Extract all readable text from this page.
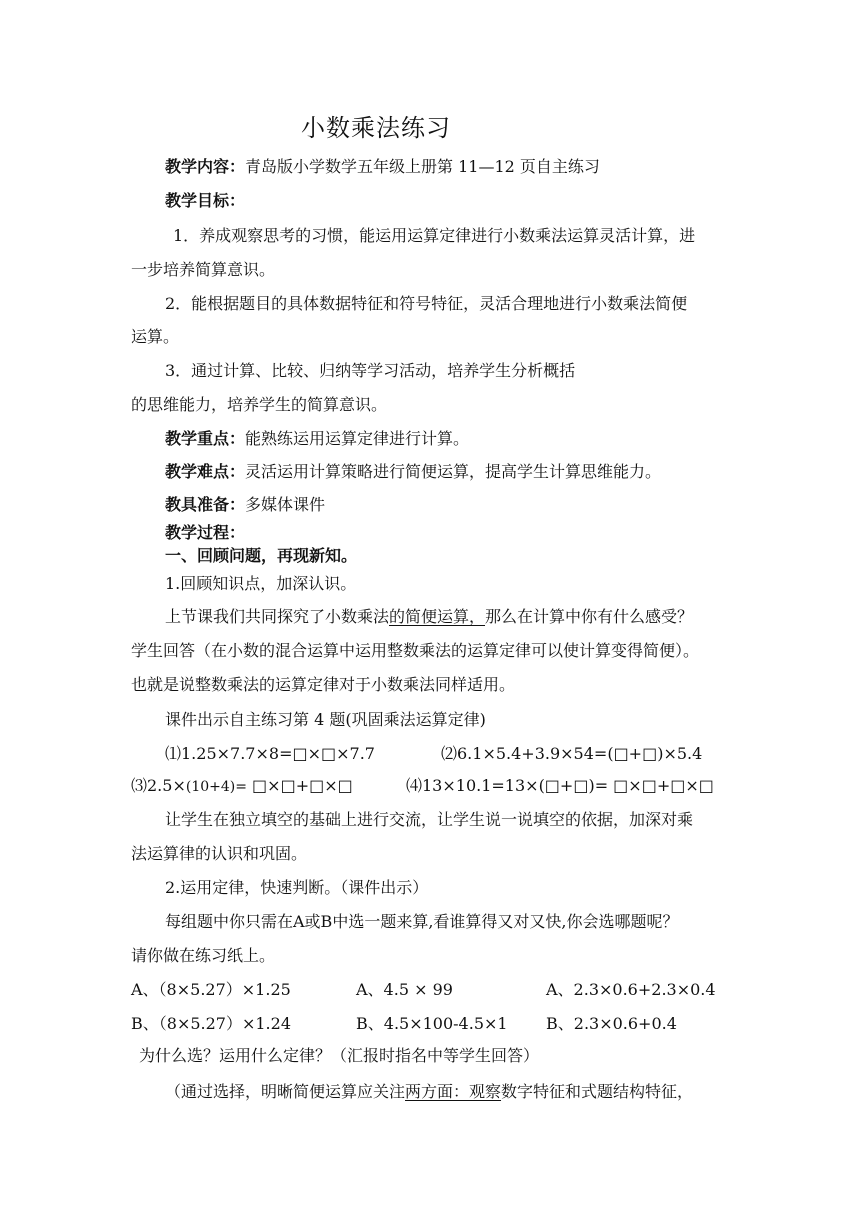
小数乘法练习
教学内容：青岛版小学数学五年级上册第 11—12 页自主练习
教学目标：
1．养成观察思考的习惯，能运用运算定律进行小数乘法运算灵活计算，进
一步培养简算意识。
2．能根据题目的具体数据特征和符号特征，灵活合理地进行小数乘法简便
运算。
3．通过计算、比较、归纳等学习活动，培养学生分析概括
的思维能力，培养学生的简算意识。
教学重点：能熟练运用运算定律进行计算。
教学难点：灵活运用计算策略进行简便运算，提高学生计算思维能力。
教具准备：多媒体课件
教学过程：
一、回顾问题，再现新知。
1.回顾知识点，加深认识。
上节课我们共同探究了小数乘法的简便运算，那么在计算中你有什么感受？
学生回答（在小数的混合运算中运用整数乘法的运算定律可以使计算变得简便）。
也就是说整数乘法的运算定律对于小数乘法同样适用。
课件出示自主练习第 4 题(巩固乘法运算定律)
⑴1.25×7.7×8=□×□×7.7	⑵6.1×5.4+3.9×54=(□+□)×5.4
⑶2.5×(10+4)= □×□+□×□	⑷13×10.1=13×(□+□)= □×□+□×□
让学生在独立填空的基础上进行交流，让学生说一说填空的依据，加深对乘
法运算律的认识和巩固。
2.运用定律，快速判断。（课件出示）
每组题中你只需在A或B中选一题来算,看谁算得又对又快,你会选哪题呢？
请你做在练习纸上。
A、（8×5.27）×1.25	A、4.5 × 99	A、2.3×0.6+2.3×0.4
B、（8×5.27）×1.24	B、4.5×100-4.5×1 B、2.3×0.6+0.4
为什么选？运用什么定律？（汇报时指名中等学生回答）
（通过选择，明晰简便运算应关注两方面：观察数字特征和式题结构特征，
